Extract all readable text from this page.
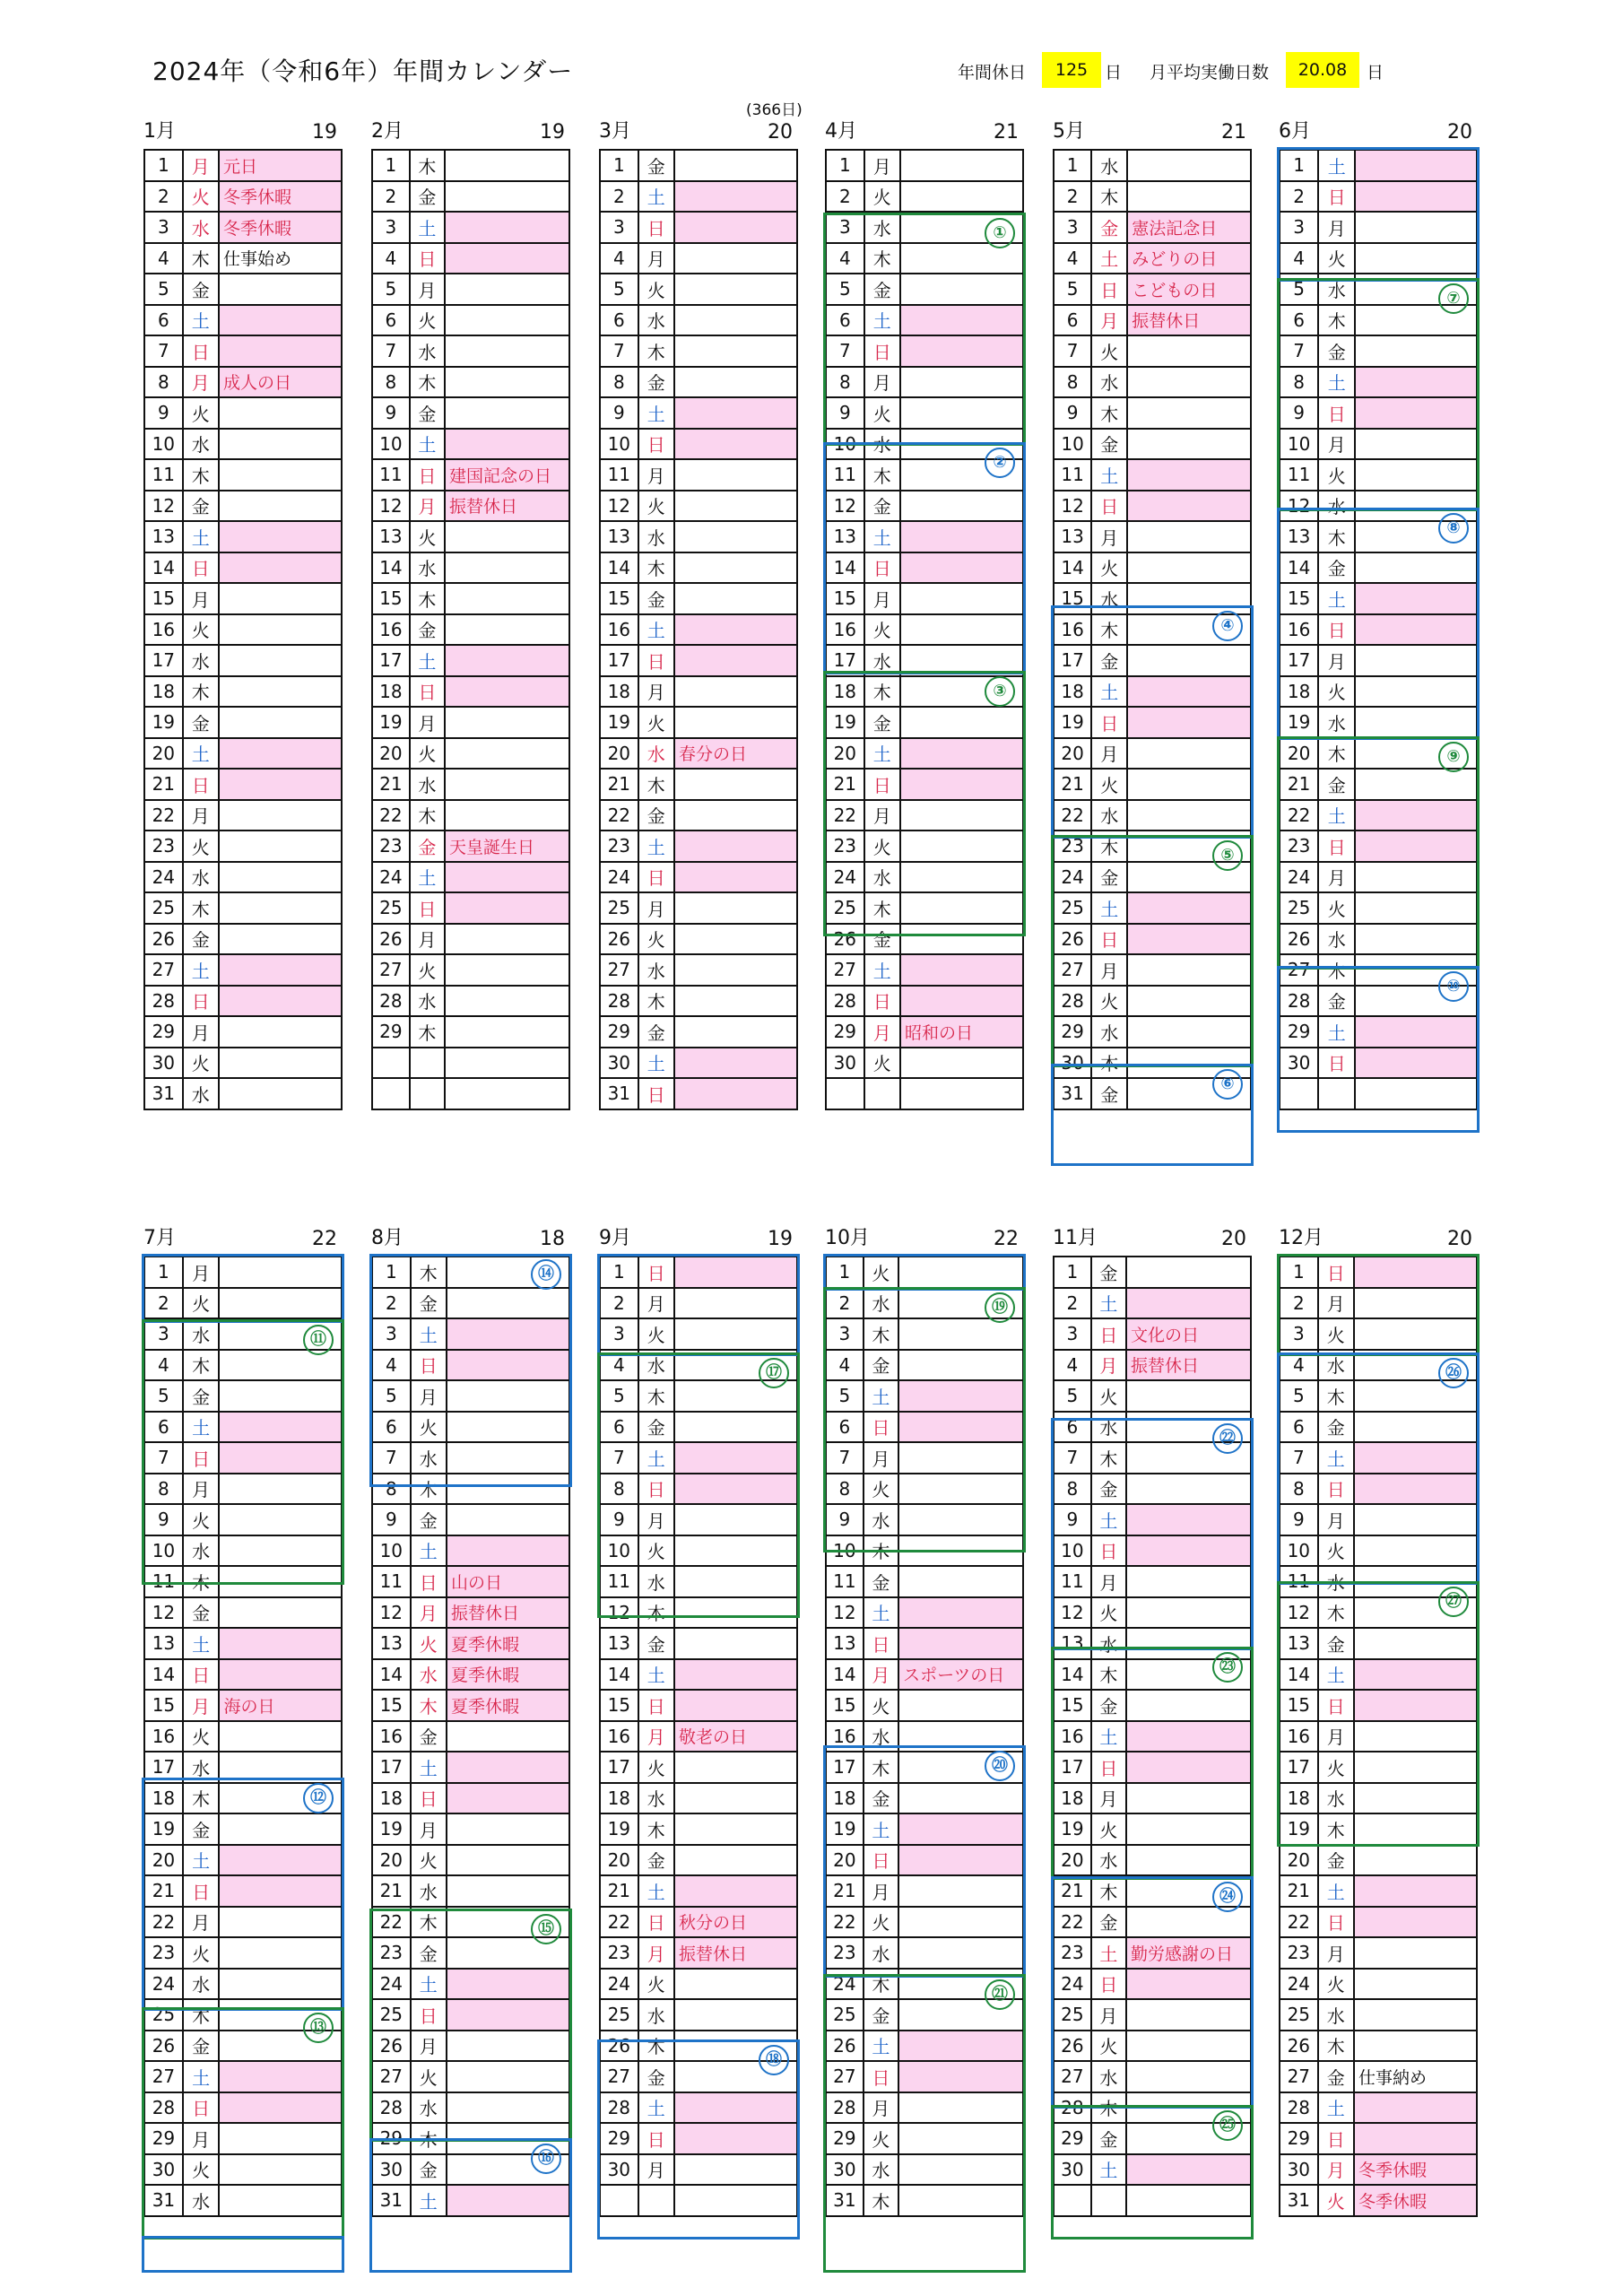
2024年（令和6年）年間カレンダー
(366日)
年間休日	125 日 月平均実働日数	20.08	日
1月	19
1	月	元日
2	火	冬季休暇
3	水	冬季休暇
4	木	仕事始め
5	金	
6	土	
7	日	
8	月	成人の日
9	火	
10	水	
11	木	
12	金	
13	土	
14	日	
15	月	
16	火	
17	水	
18	木	
19	金	
20	土	
21	日	
22	月	
23	火	
24	水	
25	木	
26	金	
27	土	
28	日	
29	月	
30	火	
31	水	
2月	19
1	木	
2	金	
3	土	
4	日	
5	月	
6	火	
7	水	
8	木	
9	金	
10	土	
11	日	建国記念の日
12	月	振替休日
13	火	
14	水	
15	木	
16	金	
17	土	
18	日	
19	月	
20	火	
21	水	
22	木	
23	金	天皇誕生日
24	土	
25	日	
26	月	
27	火	
28	水	
29	木	

3月	20
1	金	
2	土	
3	日	
4	月	
5	火	
6	水	
7	木	
8	金	
9	土	
10	日	
11	月	
12	火	
13	水	
14	木	
15	金	
16	土	
17	日	
18	月	
19	火	
20	水	春分の日
21	木	
22	金	
23	土	
24	日	
25	月	
26	火	
27	水	
28	木	
29	金	
30	土	
31	日	
4月	21
1	月	
2	火	
3	水	
4	木	
5	金	
6	土	
7	日	
8	月	
9	火	
10	水	
11	木	
12	金	
13	土	
14	日	
15	月	
16	火	
17	水	
18	木	
19	金	
20	土	
21	日	
22	月	
23	火	
24	水	
25	木	
26	金	
27	土	
28	日	
29	月	昭和の日
30	火	

①
②
③
5月	21
1	水	
2	木	
3	金	憲法記念日
4	土	みどりの日
5	日	こどもの日
6	月	振替休日
7	火	
8	水	
9	木	
10	金	
11	土	
12	日	
13	月	
14	火	
15	水	
16	木	
17	金	
18	土	
19	日	
20	月	
21	火	
22	水	
23	木	
24	金	
25	土	
26	日	
27	月	
28	火	
29	水	
30	木	
31	金	
④
⑤
⑥
6月	20
1	土	
2	日	
3	月	
4	火	
5	水	
6	木	
7	金	
8	土	
9	日	
10	月	
11	火	
12	水	
13	木	
14	金	
15	土	
16	日	
17	月	
18	火	
19	水	
20	木	
21	金	
22	土	
23	日	
24	月	
25	火	
26	水	
27	木	
28	金	
29	土	
30	日	

⑦
⑧
⑨
⑩
7月	22
1	月	
2	火	
3	水	
4	木	
5	金	
6	土	
7	日	
8	月	
9	火	
10	水	
11	木	
12	金	
13	土	
14	日	
15	月	海の日
16	火	
17	水	
18	木	
19	金	
20	土	
21	日	
22	月	
23	火	
24	水	
25	木	
26	金	
27	土	
28	日	
29	月	
30	火	
31	水	
⑪
⑫
⑬
8月	18
1	木	
2	金	
3	土	
4	日	
5	月	
6	火	
7	水	
8	木	
9	金	
10	土	
11	日	山の日
12	月	振替休日
13	火	夏季休暇
14	水	夏季休暇
15	木	夏季休暇
16	金	
17	土	
18	日	
19	月	
20	火	
21	水	
22	木	
23	金	
24	土	
25	日	
26	月	
27	火	
28	水	
29	木	
30	金	
31	土	
⑭
⑮
⑯
9月	19
1	日	
2	月	
3	火	
4	水	
5	木	
6	金	
7	土	
8	日	
9	月	
10	火	
11	水	
12	木	
13	金	
14	土	
15	日	
16	月	敬老の日
17	火	
18	水	
19	木	
20	金	
21	土	
22	日	秋分の日
23	月	振替休日
24	火	
25	水	
26	木	
27	金	
28	土	
29	日	
30	月	

⑰
⑱
10月	22
1	火	
2	水	
3	木	
4	金	
5	土	
6	日	
7	月	
8	火	
9	水	
10	木	
11	金	
12	土	
13	日	
14	月	スポーツの日
15	火	
16	水	
17	木	
18	金	
19	土	
20	日	
21	月	
22	火	
23	水	
24	木	
25	金	
26	土	
27	日	
28	月	
29	火	
30	水	
31	木	
⑲
⑳
㉑
11月	20
1	金	
2	土	
3	日	文化の日
4	月	振替休日
5	火	
6	水	
7	木	
8	金	
9	土	
10	日	
11	月	
12	火	
13	水	
14	木	
15	金	
16	土	
17	日	
18	月	
19	火	
20	水	
21	木	
22	金	
23	土	勤労感謝の日
24	日	
25	月	
26	火	
27	水	
28	木	
29	金	
30	土	

㉒
㉓
㉔
㉕
12月	20
1	日	
2	月	
3	火	
4	水	
5	木	
6	金	
7	土	
8	日	
9	月	
10	火	
11	水	
12	木	
13	金	
14	土	
15	日	
16	月	
17	火	
18	水	
19	木	
20	金	
21	土	
22	日	
23	月	
24	火	
25	水	
26	木	
27	金	仕事納め
28	土	
29	日	
30	月	冬季休暇
31	火	冬季休暇
㉖
㉗
